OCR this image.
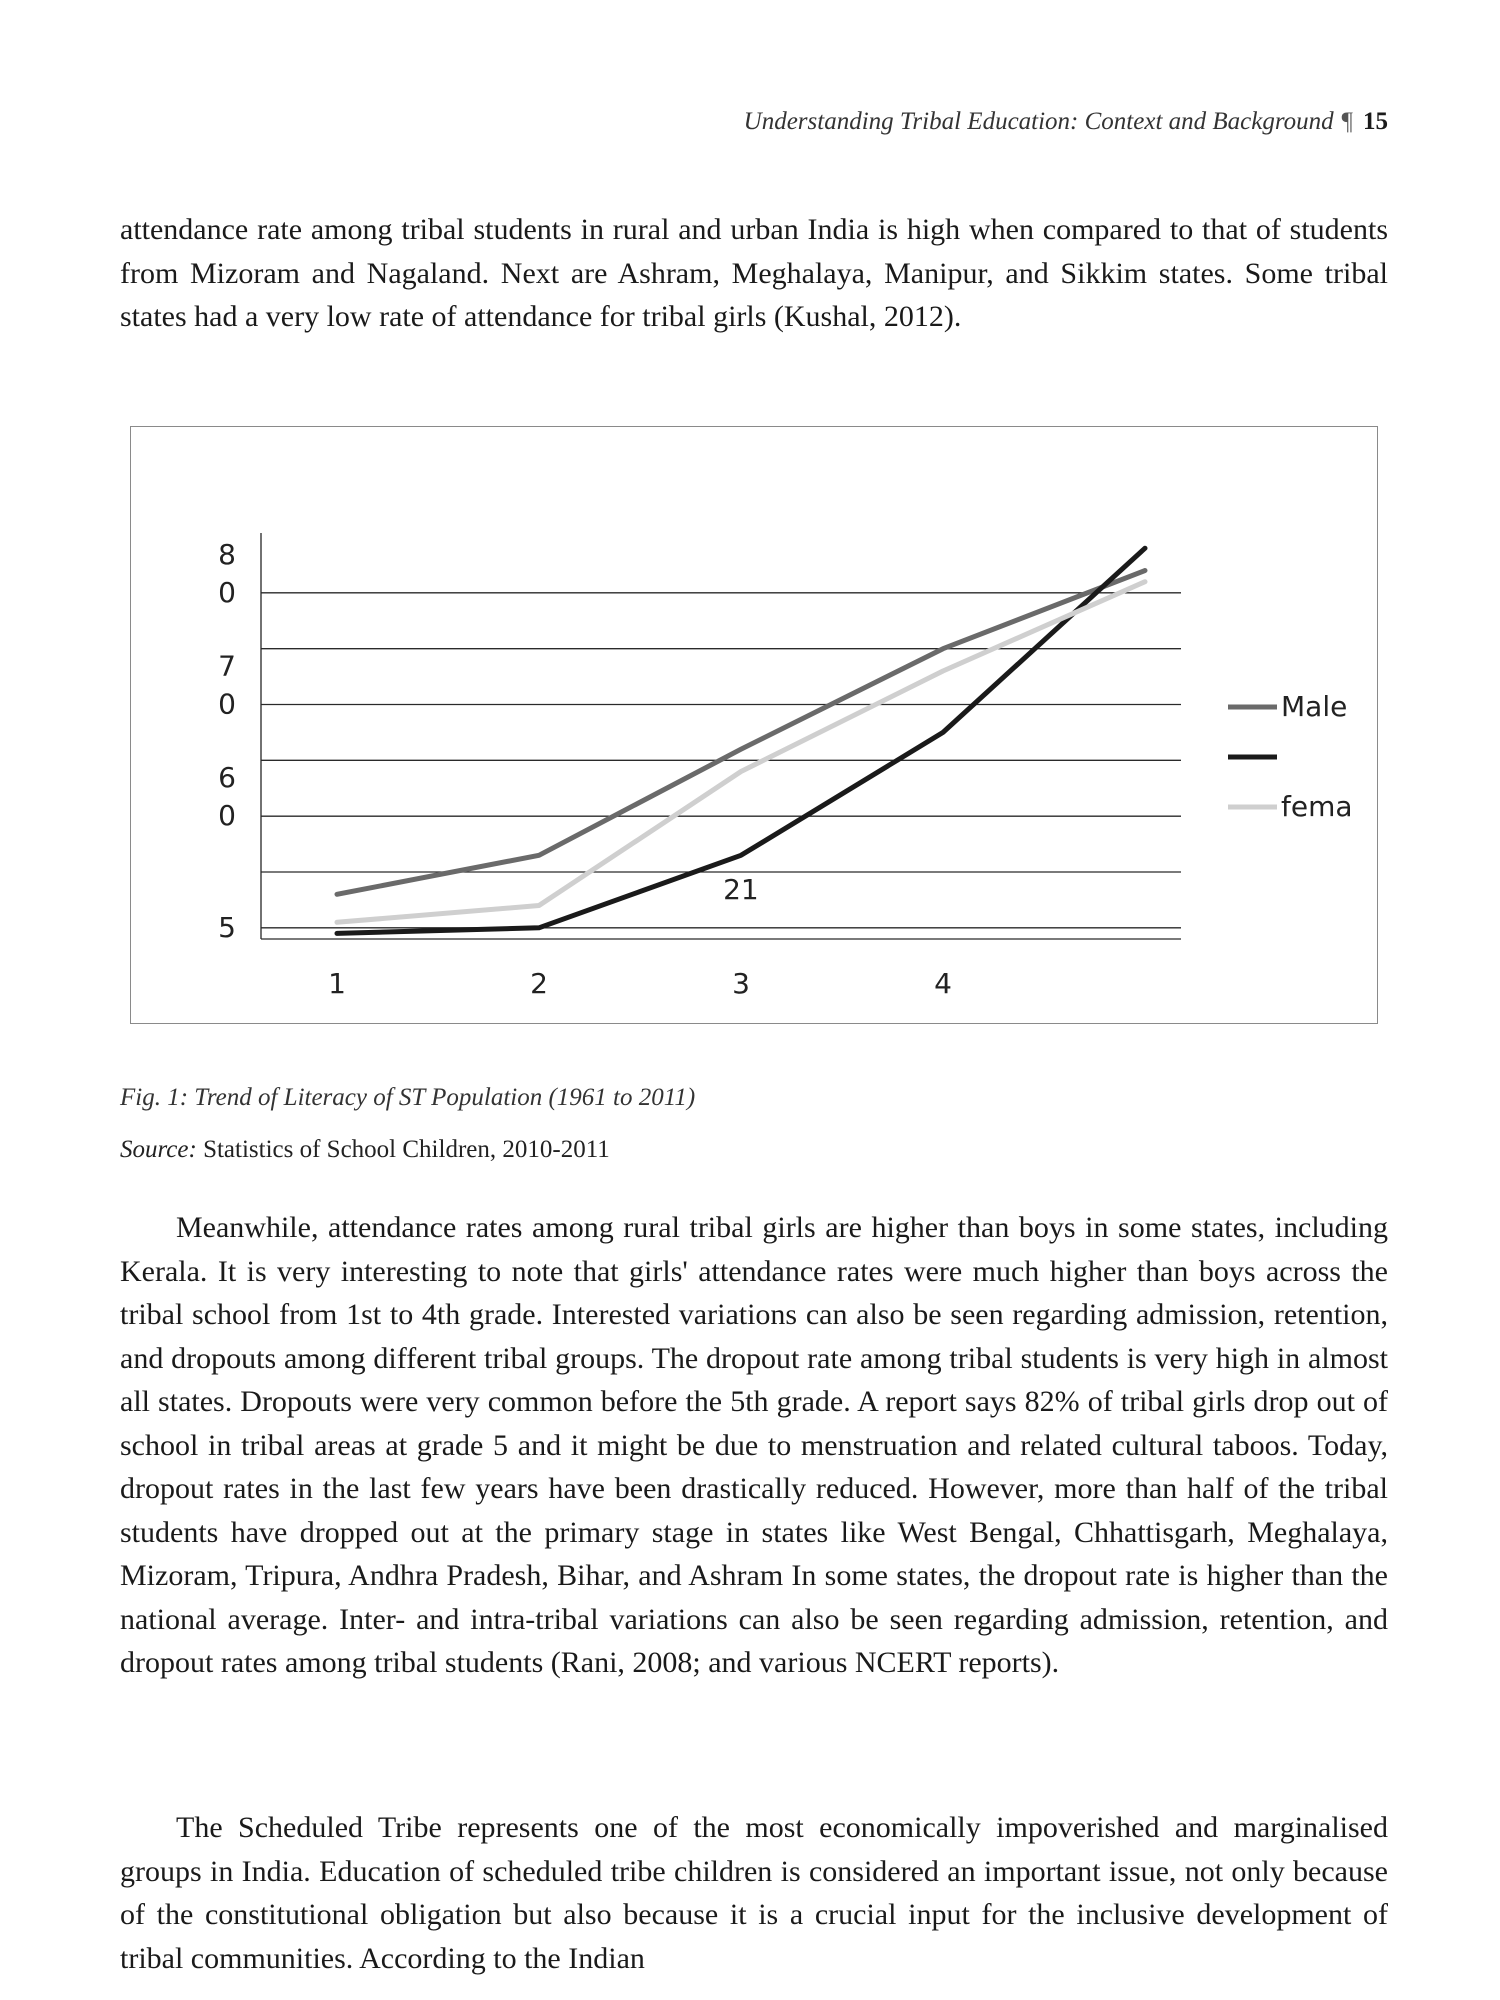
Understanding Tribal Education: Context and Background ¶ 15

attendance rate among tribal students in rural and urban India is high when compared to that of students from Mizoram and Nagaland. Next are Ashram, Meghalaya, Manipur, and Sikkim states. Some tribal states had a very low rate of attendance for tribal girls (Kushal, 2012).

5
6
0
7
0
8
0
1	2	3	4
21
Male
fema
Fig. 1: Trend of Literacy of ST Population (1961 to 2011)
Source: Statistics of School Children, 2010-2011

Meanwhile, attendance rates among rural tribal girls are higher than boys in some states, including Kerala. It is very interesting to note that girls' attendance rates were much higher than boys across the tribal school from 1st to 4th grade. Interested variations can also be seen regarding admission, retention, and dropouts among different tribal groups. The dropout rate among tribal students is very high in almost all states. Dropouts were very common before the 5th grade. A report says 82% of tribal girls drop out of school in tribal areas at grade 5 and it might be due to menstruation and related cultural taboos. Today, dropout rates in the last few years have been drastically reduced. However, more than half of the tribal students have dropped out at the primary stage in states like West Bengal, Chhattisgarh, Meghalaya, Mizoram, Tripura, Andhra Pradesh, Bihar, and Ashram In some states, the dropout rate is higher than the national average. Inter- and intra-tribal variations can also be seen regarding admission, retention, and dropout rates among tribal students (Rani, 2008; and various NCERT reports).

The Scheduled Tribe represents one of the most economically impoverished and marginalised groups in India. Education of scheduled tribe children is considered an important issue, not only because of the constitutional obligation but also because it is a crucial input for the inclusive development of tribal communities. According to the Indian
